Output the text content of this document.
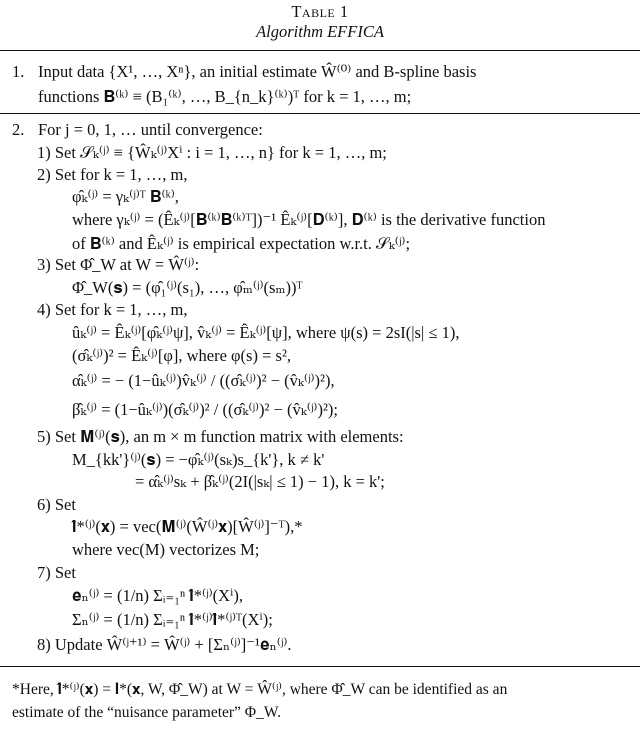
Table 1
Algorithm EFFICA
1. Input data {X¹, …, Xⁿ}, an initial estimate Ŵ⁽⁰⁾ and B-spline basis
functions 𝐁⁽ᵏ⁾ ≡ (B₁⁽ᵏ⁾, …, B_{n_k}⁽ᵏ⁾)ᵀ for k = 1, …, m;
2. For j = 0, 1, … until convergence:
1) Set 𝒮ₖ⁽ʲ⁾ ≡ {Ŵₖ⁽ʲ⁾Xⁱ : i = 1, …, n} for k = 1, …, m;
2) Set for k = 1, …, m,
φ̂ₖ⁽ʲ⁾ = γₖ⁽ʲ⁾ᵀ 𝐁⁽ᵏ⁾,
where γₖ⁽ʲ⁾ = (Êₖ⁽ʲ⁾[𝐁⁽ᵏ⁾𝐁⁽ᵏ⁾ᵀ])⁻¹ Êₖ⁽ʲ⁾[𝐃⁽ᵏ⁾], 𝐃⁽ᵏ⁾ is the derivative function
of 𝐁⁽ᵏ⁾ and Êₖ⁽ʲ⁾ is empirical expectation w.r.t. 𝒮ₖ⁽ʲ⁾;
3) Set Φ̂_W at W = Ŵ⁽ʲ⁾:
Φ̂_W(𝐬) = (φ̂₁⁽ʲ⁾(s₁), …, φ̂ₘ⁽ʲ⁾(sₘ))ᵀ
4) Set for k = 1, …, m,
ûₖ⁽ʲ⁾ = Êₖ⁽ʲ⁾[φ̂ₖ⁽ʲ⁾ψ], v̂ₖ⁽ʲ⁾ = Êₖ⁽ʲ⁾[ψ], where ψ(s) = 2sI(|s| ≤ 1),
(σ̂ₖ⁽ʲ⁾)² = Êₖ⁽ʲ⁾[φ], where φ(s) = s²,
α̂ₖ⁽ʲ⁾ = − (1−ûₖ⁽ʲ⁾)v̂ₖ⁽ʲ⁾ / ((σ̂ₖ⁽ʲ⁾)² − (v̂ₖ⁽ʲ⁾)²),
β̂ₖ⁽ʲ⁾ = (1−ûₖ⁽ʲ⁾)(σ̂ₖ⁽ʲ⁾)² / ((σ̂ₖ⁽ʲ⁾)² − (v̂ₖ⁽ʲ⁾)²);
5) Set 𝐌⁽ʲ⁾(𝐬), an m × m function matrix with elements:
M_{kk'}⁽ʲ⁾(𝐬) = −φ̂ₖ⁽ʲ⁾(sₖ)s_{k'}, k ≠ k'
= α̂ₖ⁽ʲ⁾sₖ + β̂ₖ⁽ʲ⁾(2I(|sₖ| ≤ 1) − 1), k = k';
6) Set
𝐥̂*⁽ʲ⁾(𝐱) = vec(𝐌⁽ʲ⁾(Ŵ⁽ʲ⁾𝐱)[Ŵ⁽ʲ⁾]⁻ᵀ),*
where vec(M) vectorizes M;
7) Set
𝐞ₙ⁽ʲ⁾ = (1/n) Σᵢ₌₁ⁿ 𝐥̂*⁽ʲ⁾(Xⁱ),
Σₙ⁽ʲ⁾ = (1/n) Σᵢ₌₁ⁿ 𝐥̂*⁽ʲ⁾𝐥̂*⁽ʲ⁾ᵀ(Xⁱ);
8) Update Ŵ⁽ʲ⁺¹⁾ = Ŵ⁽ʲ⁾ + [Σₙ⁽ʲ⁾]⁻¹𝐞ₙ⁽ʲ⁾.
*Here, 𝐥̂*⁽ʲ⁾(𝐱) = 𝐥*(𝐱, W, Φ̂_W) at W = Ŵ⁽ʲ⁾, where Φ̂_W can be identified as an
estimate of the “nuisance parameter” Φ_W.
